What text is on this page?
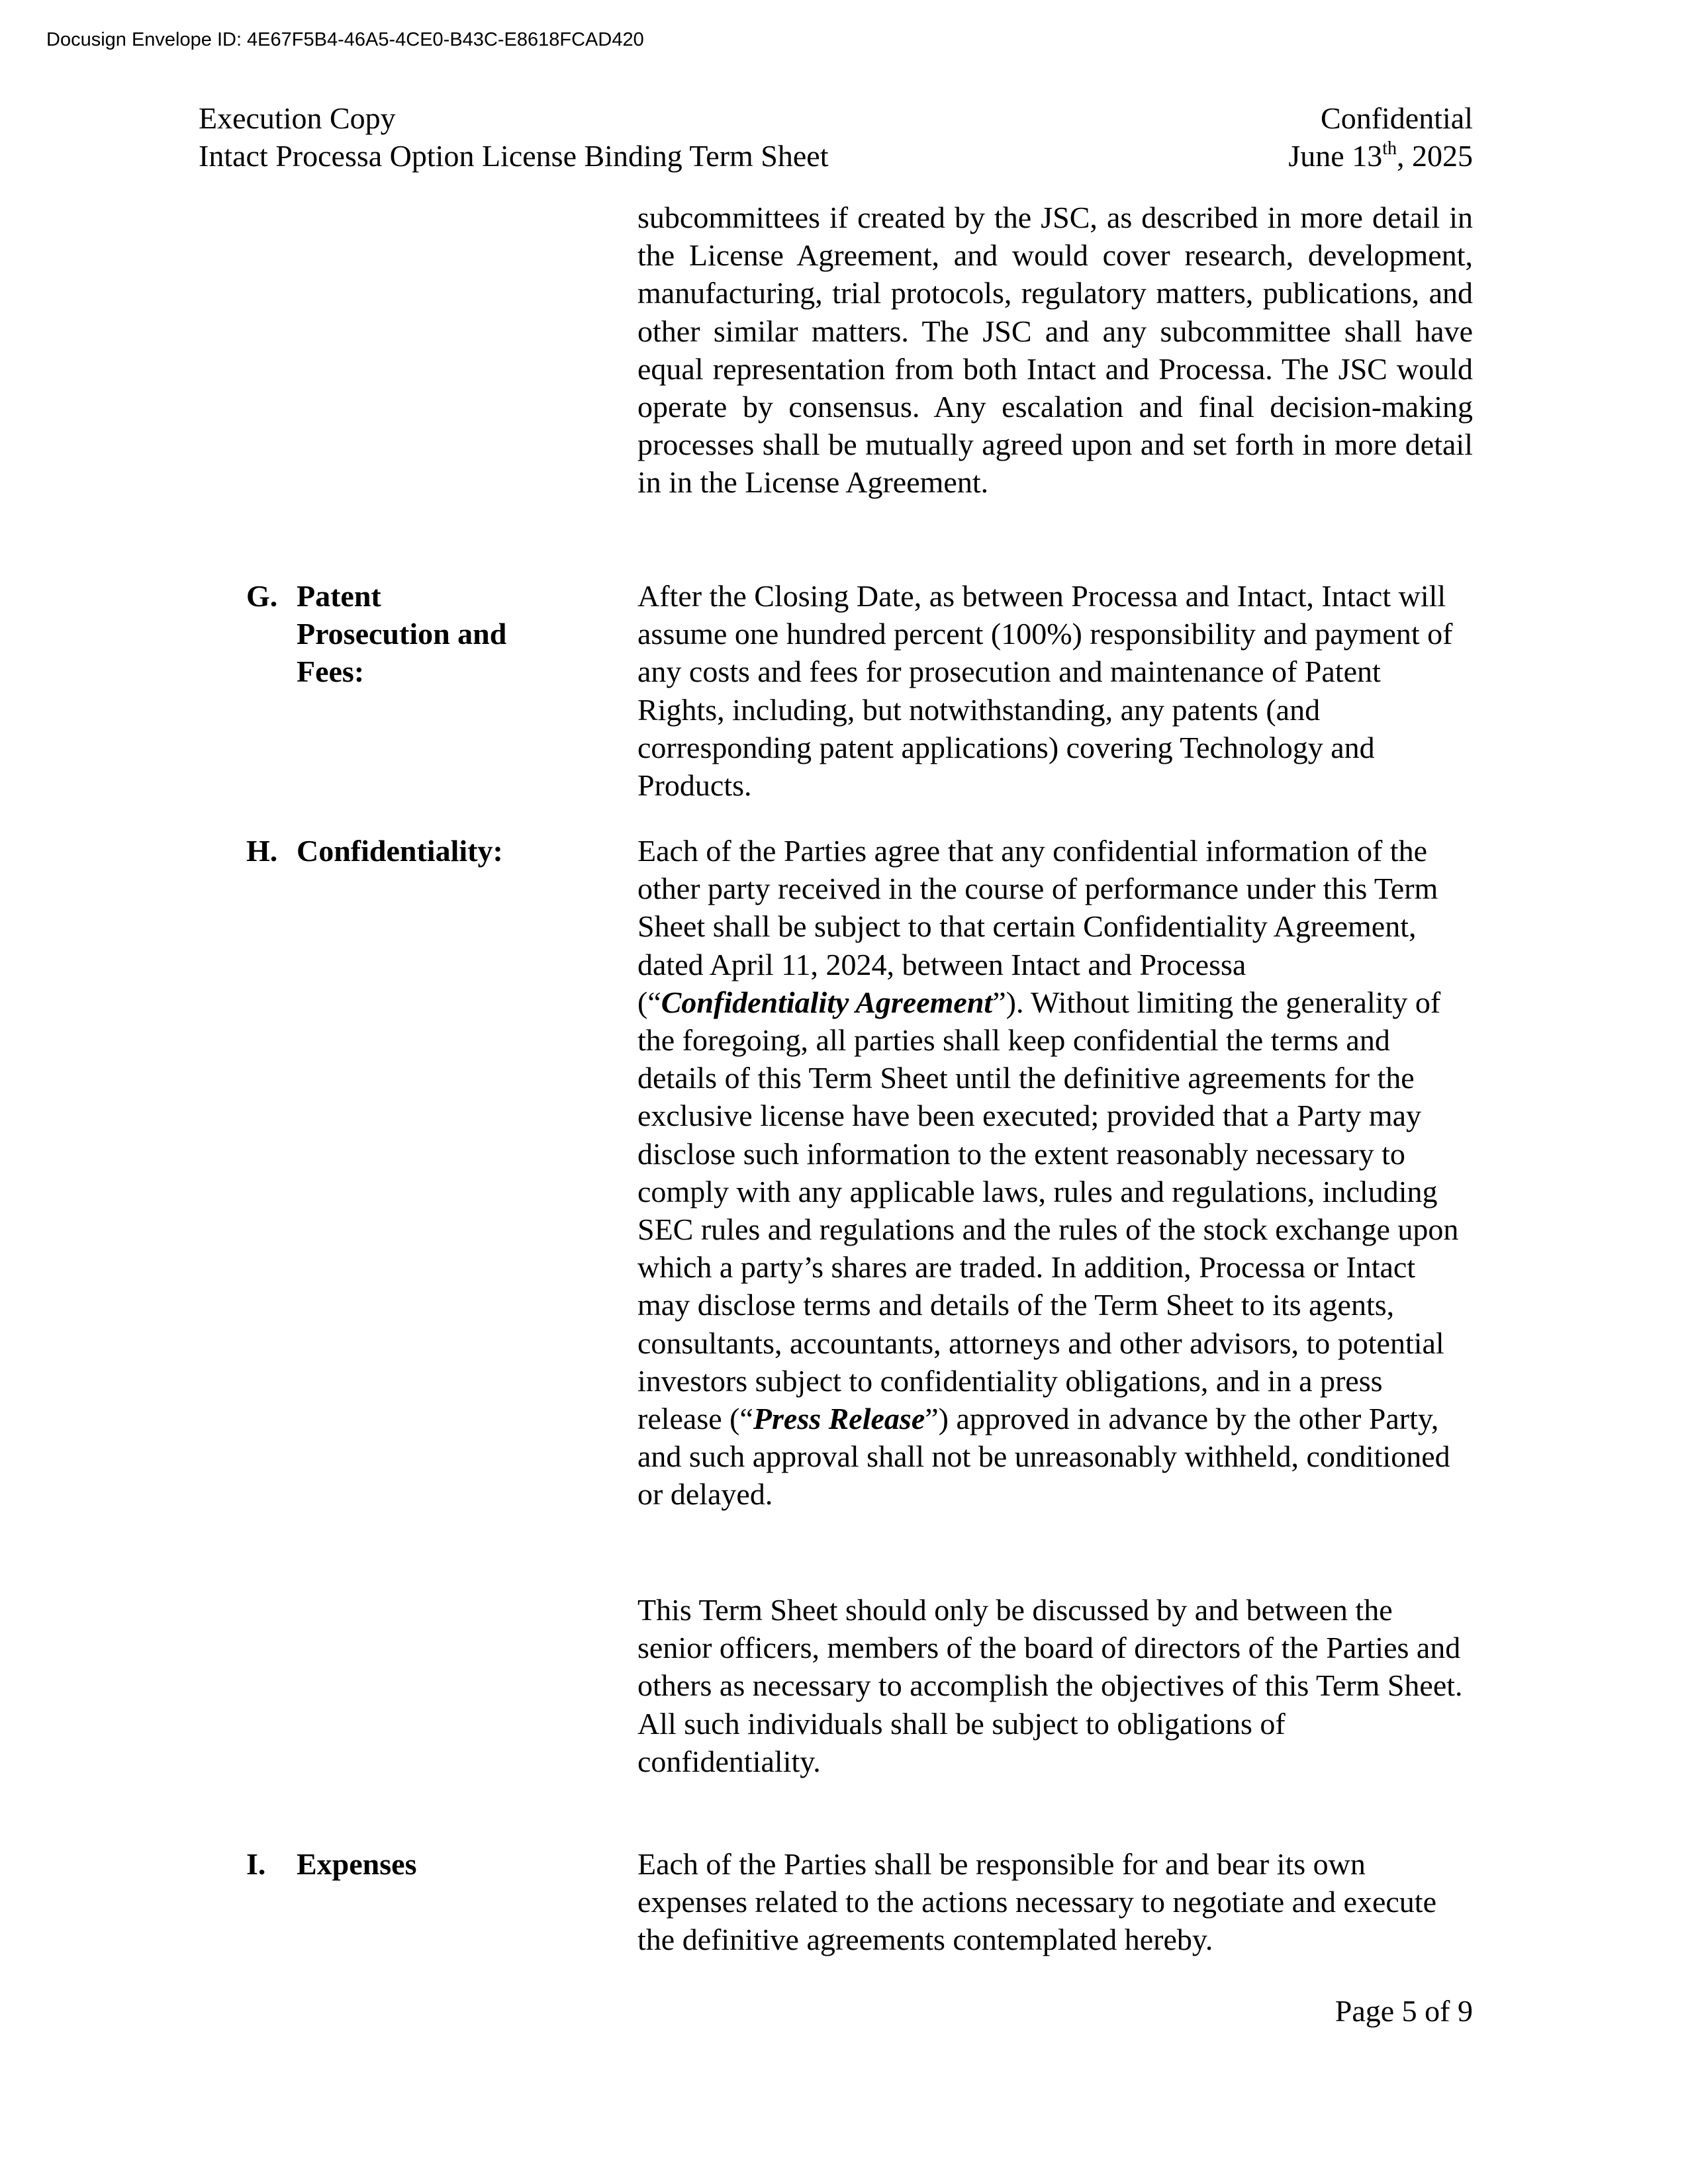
Docusign Envelope ID: 4E67F5B4-46A5-4CE0-B43C-E8618FCAD420
Execution Copy
Intact Processa Option License Binding Term Sheet
Confidential
June 13th, 2025

subcommittees if created by the JSC, as described in more detail in the License Agreement, and would cover research, development, manufacturing, trial protocols, regulatory matters, publications, and other similar matters. The JSC and any subcommittee shall have equal representation from both Intact and Processa. The JSC would operate by consensus. Any escalation and final decision-making processes shall be mutually agreed upon and set forth in more detail in in the License Agreement.

G. Patent
Prosecution and
Fees:

After the Closing Date, as between Processa and Intact, Intact will assume one hundred percent (100%) responsibility and payment of any costs and fees for prosecution and maintenance of Patent Rights, including, but notwithstanding, any patents (and corresponding patent applications) covering Technology and Products.

H. Confidentiality:	Each of the Parties agree that any confidential information of the other party received in the course of performance under this Term Sheet shall be subject to that certain Confidentiality Agreement, dated April 11, 2024, between Intact and Processa (“Confidentiality Agreement”). Without limiting the generality of the foregoing, all parties shall keep confidential the terms and details of this Term Sheet until the definitive agreements for the exclusive license have been executed; provided that a Party may disclose such information to the extent reasonably necessary to comply with any applicable laws, rules and regulations, including SEC rules and regulations and the rules of the stock exchange upon which a party’s shares are traded. In addition, Processa or Intact may disclose terms and details of the Term Sheet to its agents, consultants, accountants, attorneys and other advisors, to potential investors subject to confidentiality obligations, and in a press release (“Press Release”) approved in advance by the other Party, and such approval shall not be unreasonably withheld, conditioned or delayed.

This Term Sheet should only be discussed by and between the senior officers, members of the board of directors of the Parties and others as necessary to accomplish the objectives of this Term Sheet. All such individuals shall be subject to obligations of confidentiality.

I. Expenses	Each of the Parties shall be responsible for and bear its own expenses related to the actions necessary to negotiate and execute the definitive agreements contemplated hereby.

Page 5 of 9
